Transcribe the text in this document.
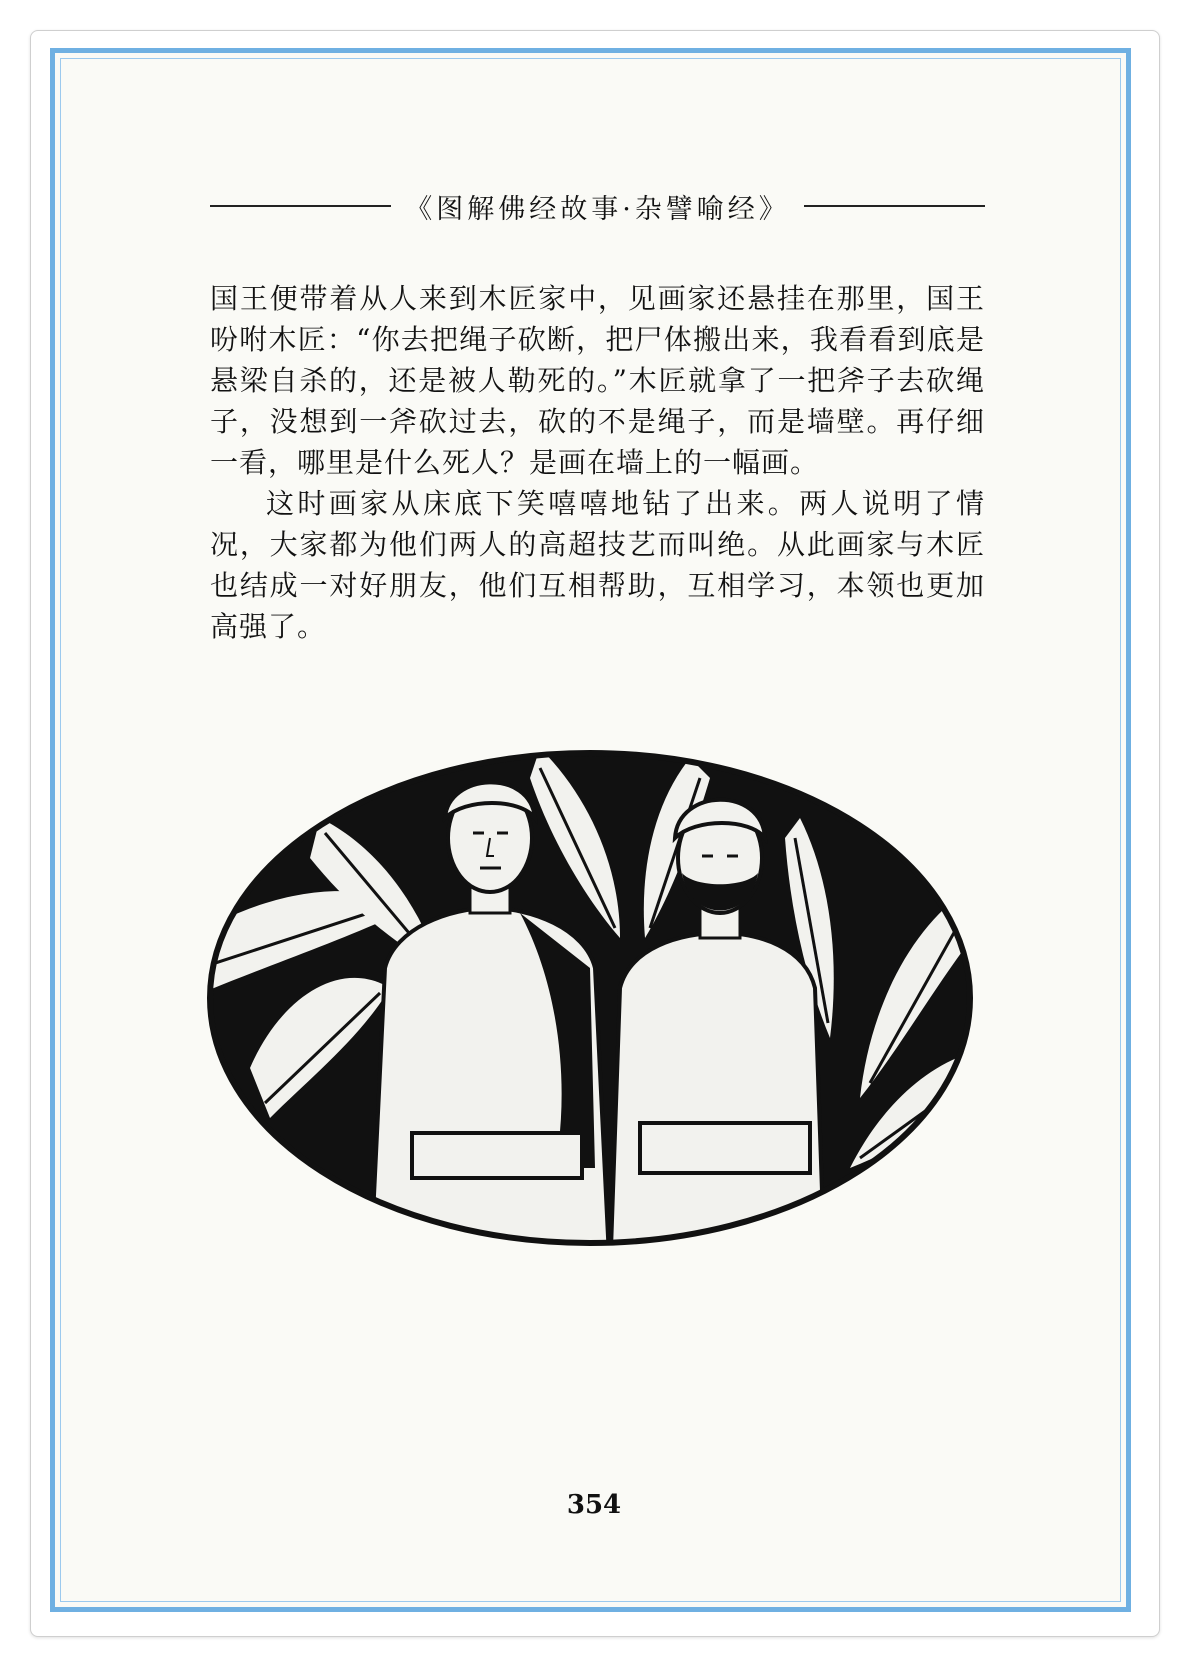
《图解佛经故事·杂譬喻经》

国王便带着从人来到木匠家中，见画家还悬挂在那里，国王吩咐木匠：“你去把绳子砍断，把尸体搬出来，我看看到底是悬梁自杀的，还是被人勒死的。”木匠就拿了一把斧子去砍绳子，没想到一斧砍过去，砍的不是绳子，而是墙壁。再仔细一看，哪里是什么死人？是画在墙上的一幅画。

这时画家从床底下笑嘻嘻地钻了出来。两人说明了情况，大家都为他们两人的高超技艺而叫绝。从此画家与木匠也结成一对好朋友，他们互相帮助，互相学习，本领也更加高强了。

354
